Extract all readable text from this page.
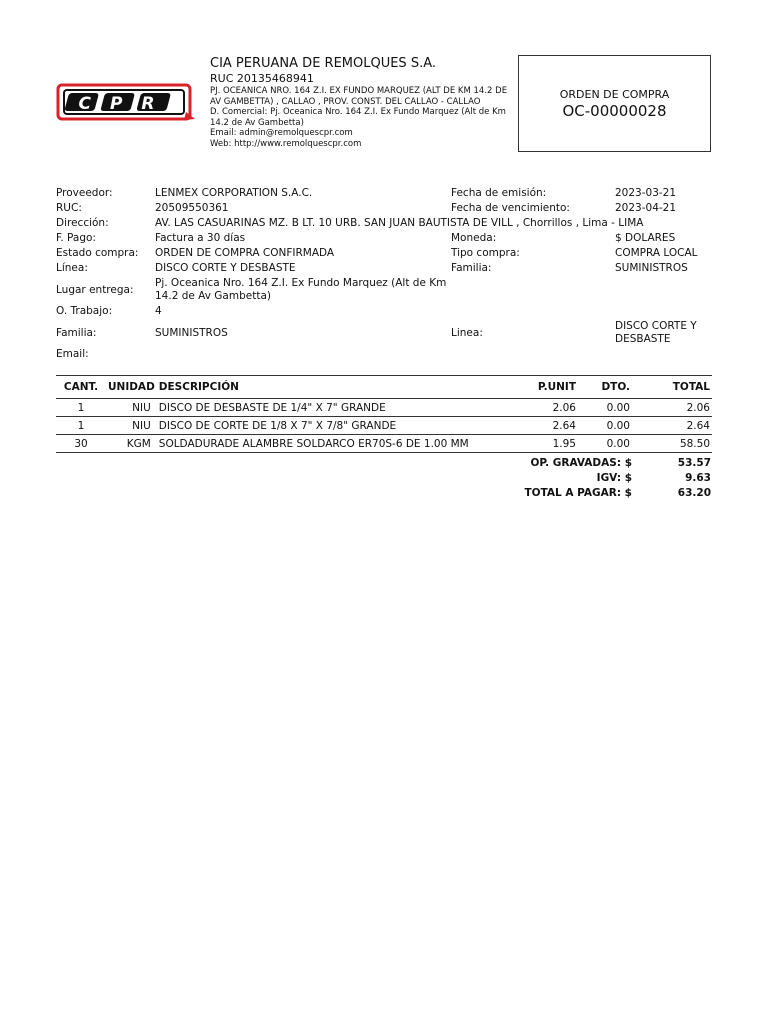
CPR
CIA PERUANA DE REMOLQUES S.A.
RUC 20135468941
PJ. OCEANICA NRO. 164 Z.I. EX FUNDO MARQUEZ (ALT DE KM 14.2 DE
AV GAMBETTA) , CALLAO , PROV. CONST. DEL CALLAO - CALLAO
D. Comercial: Pj. Oceanica Nro. 164 Z.I. Ex Fundo Marquez (Alt de Km
14.2 de Av Gambetta)
Email: admin@remolquescpr.com
Web: http://www.remolquescpr.com
ORDEN DE COMPRA
OC-00000028
Proveedor:	LENMEX CORPORATION S.A.C.	Fecha de emisión:	2023-03-21
RUC:	20509550361	Fecha de vencimiento:	2023-04-21
Dirección:	AV. LAS CASUARINAS MZ. B LT. 10 URB. SAN JUAN BAUTISTA DE VILL , Chorrillos , Lima - LIMA
F. Pago:	Factura a 30 días	Moneda:	$ DOLARES
Estado compra: ORDEN DE COMPRA CONFIRMADA	Tipo compra:	COMPRA LOCAL
Línea:	DISCO CORTE Y DESBASTE	Familia:	SUMINISTROS
Lugar entrega:
Pj. Oceanica Nro. 164 Z.I. Ex Fundo Marquez (Alt de Km 14.2 de Av Gambetta)
O. Trabajo:	4
Familia:	SUMINISTROS	Linea:
DISCO CORTE Y DESBASTE
Email:
CANT.	UNIDAD	DESCRIPCIÓN	P.UNIT	DTO.	TOTAL
1	NIU	DISCO DE DESBASTE DE 1/4" X 7" GRANDE	2.06	0.00	2.06
1	NIU	DISCO DE CORTE DE 1/8 X 7" X 7/8" GRANDE	2.64	0.00	2.64
30	KGM	SOLDADURADE ALAMBRE SOLDARCO ER70S-6 DE 1.00 MM	1.95	0.00	58.50
OP. GRAVADAS: $	53.57
IGV: $	9.63
TOTAL A PAGAR: $	63.20
